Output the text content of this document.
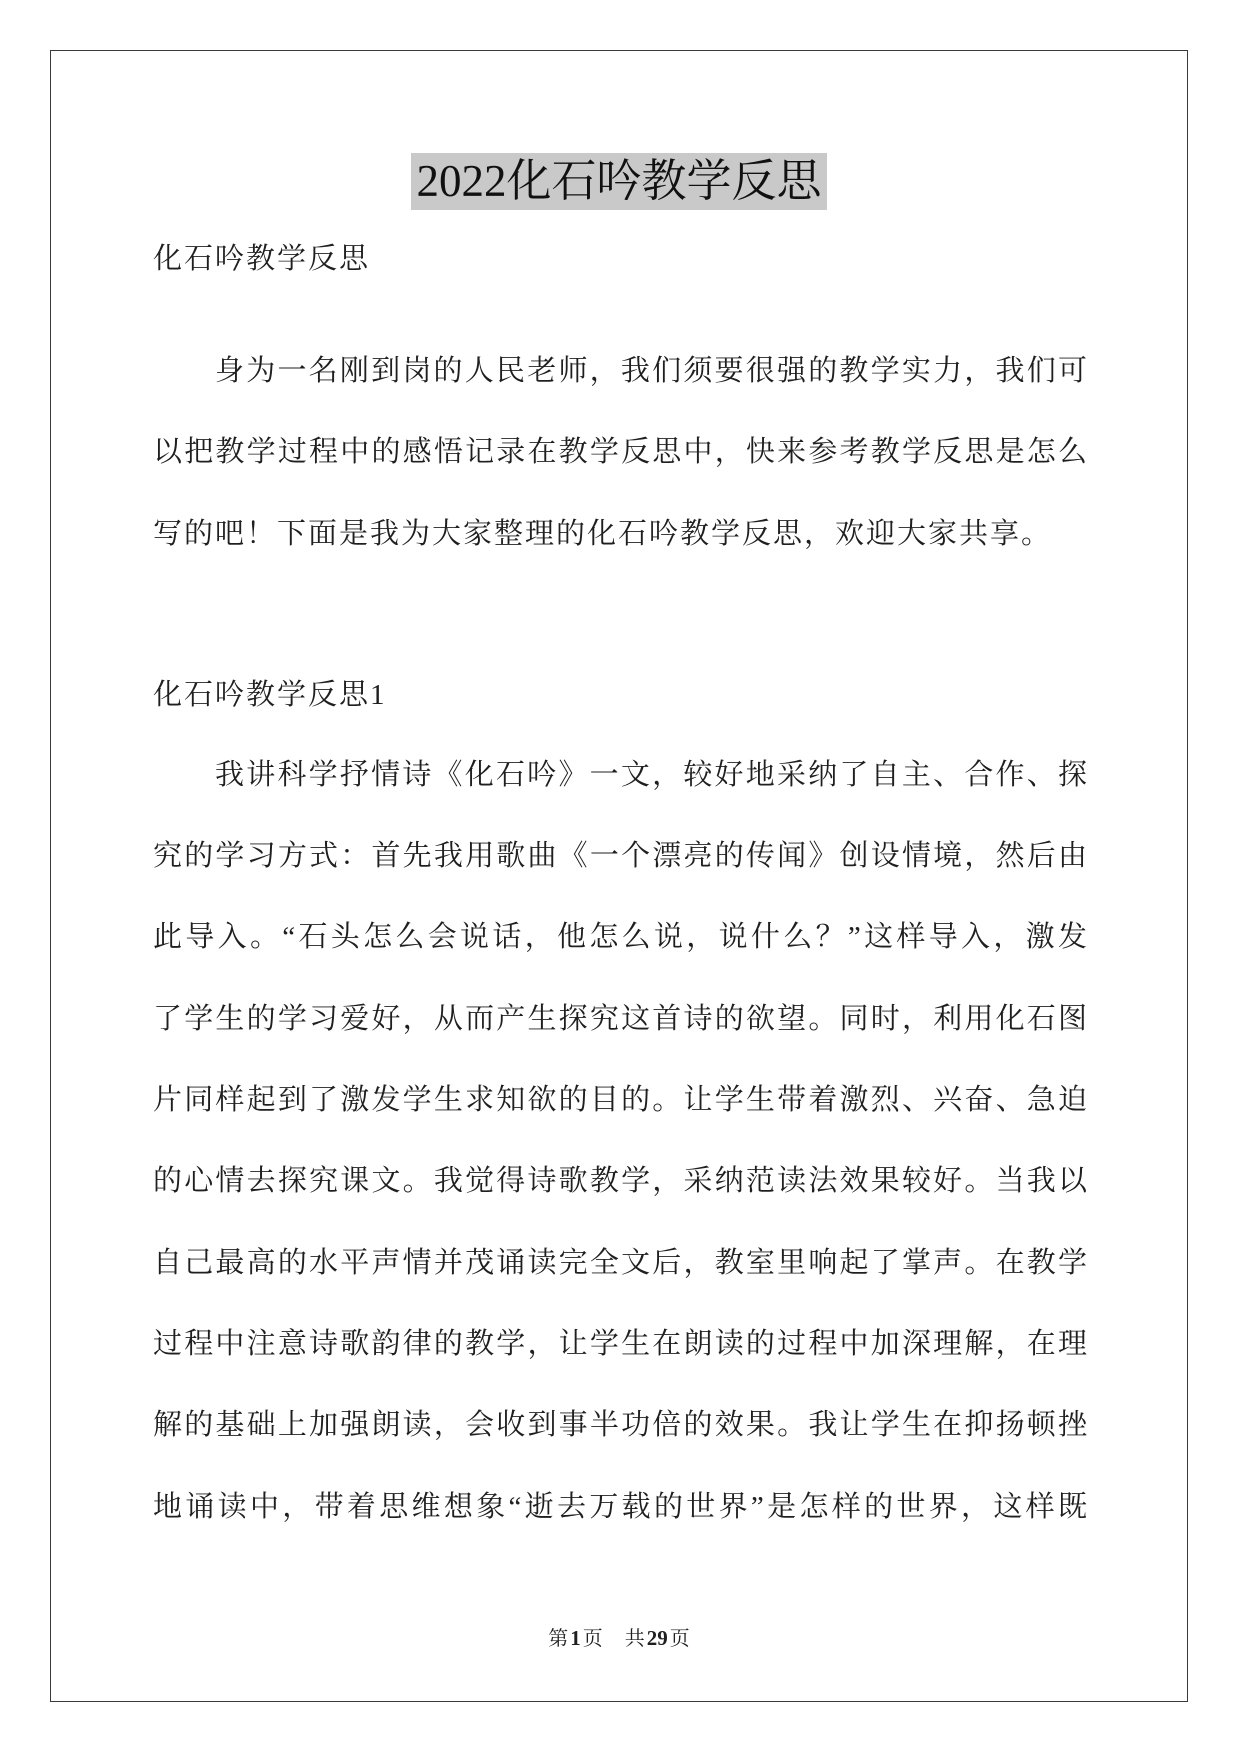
2022化石吟教学反思
化石吟教学反思
身为一名刚到岗的人民老师，我们须要很强的教学实力，我们可
以把教学过程中的感悟记录在教学反思中，快来参考教学反思是怎么
写的吧！下面是我为大家整理的化石吟教学反思，欢迎大家共享。
化石吟教学反思1
我讲科学抒情诗《化石吟》一文，较好地采纳了自主、合作、探
究的学习方式：首先我用歌曲《一个漂亮的传闻》创设情境，然后由
此导入。“石头怎么会说话，他怎么说，说什么？”这样导入，激发
了学生的学习爱好，从而产生探究这首诗的欲望。同时，利用化石图
片同样起到了激发学生求知欲的目的。让学生带着激烈、兴奋、急迫
的心情去探究课文。我觉得诗歌教学，采纳范读法效果较好。当我以
自己最高的水平声情并茂诵读完全文后，教室里响起了掌声。在教学
过程中注意诗歌韵律的教学，让学生在朗读的过程中加深理解，在理
解的基础上加强朗读，会收到事半功倍的效果。我让学生在抑扬顿挫
地诵读中，带着思维想象“逝去万载的世界”是怎样的世界，这样既
第1 页 共29 页
